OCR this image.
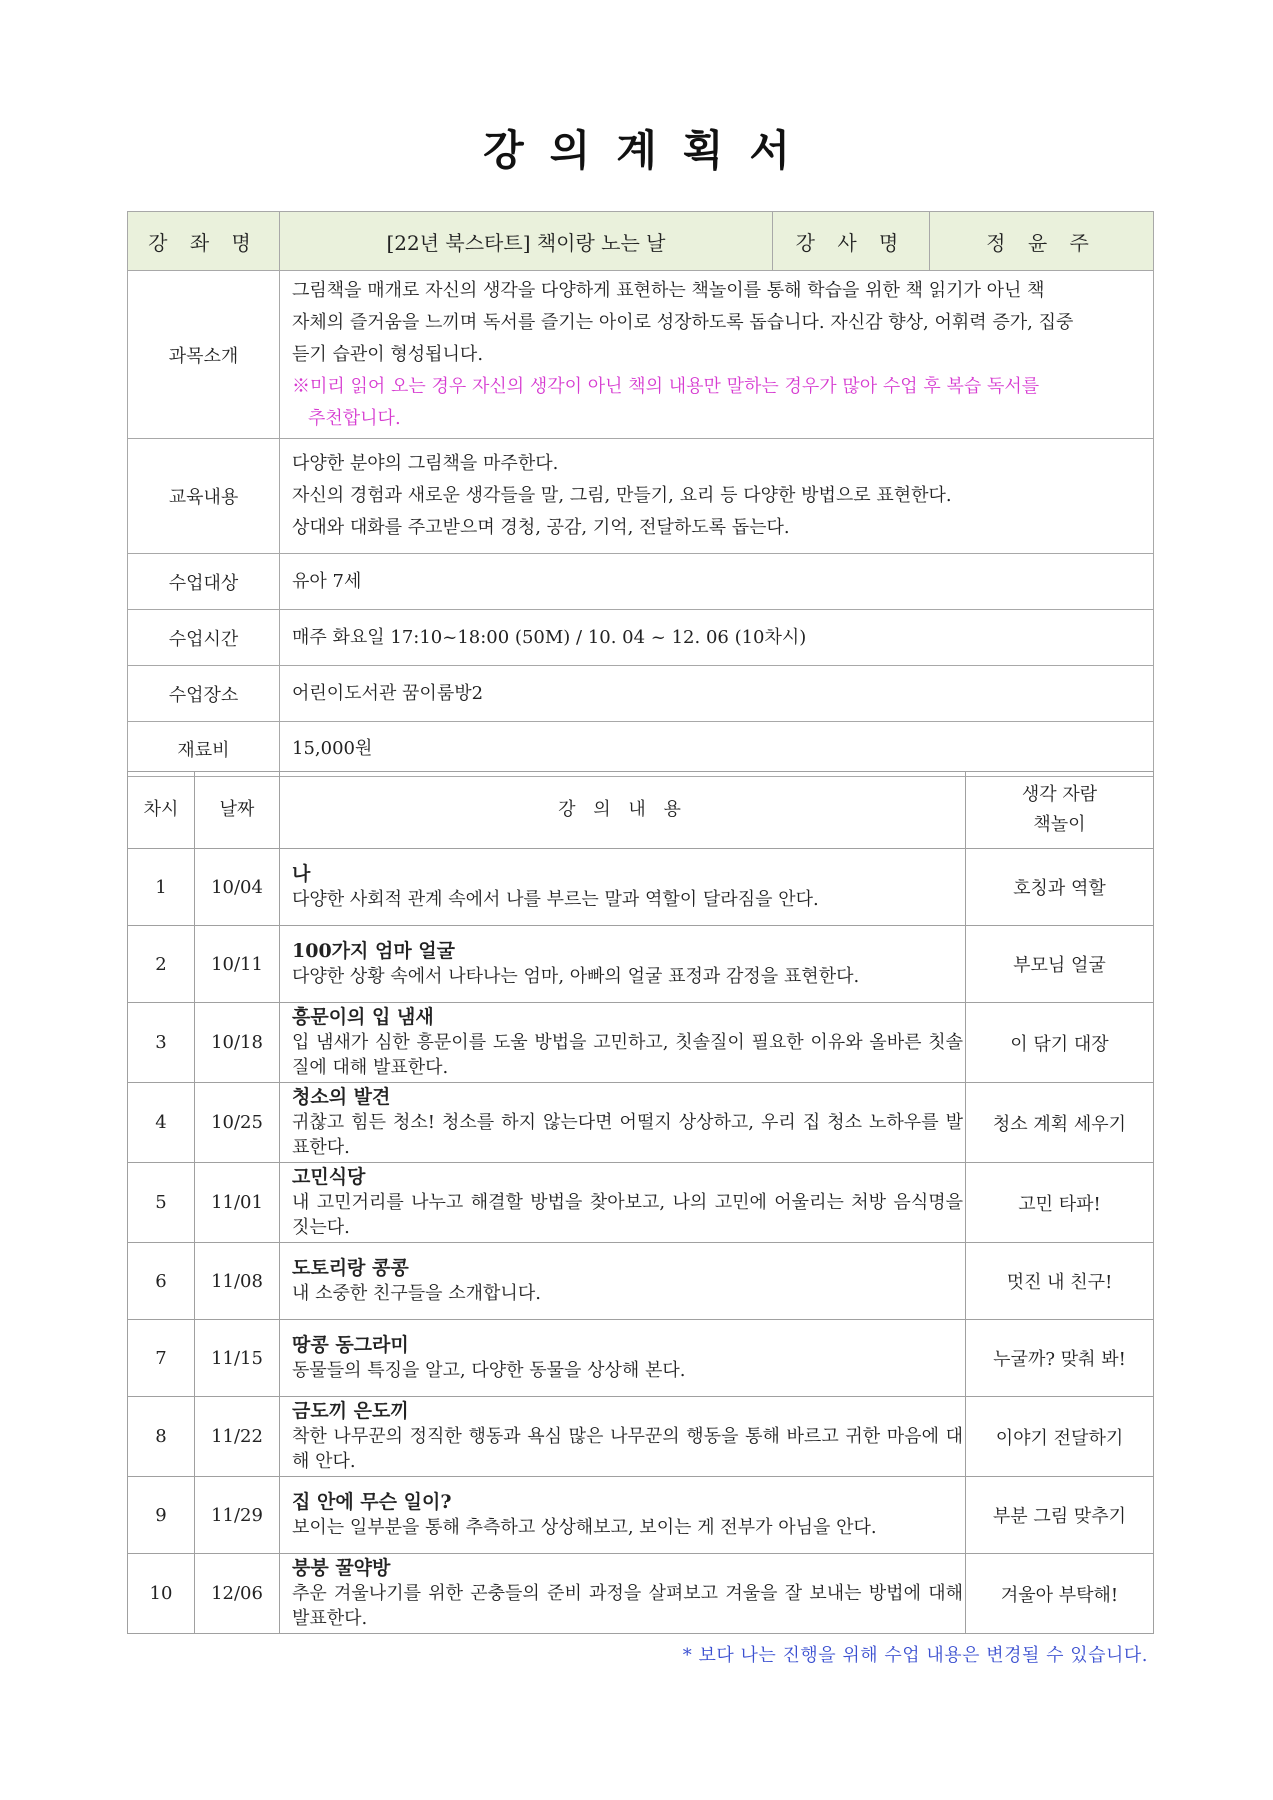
강의계획서
강 좌 명	[22년 북스타트] 책이랑 노는 날	강 사 명	정 윤 주
과목소개	그림책을 매개로 자신의 생각을 다양하게 표현하는 책놀이를 통해 학습을 위한 책 읽기가 아닌 책
자체의 즐거움을 느끼며 독서를 즐기는 아이로 성장하도록 돕습니다. 자신감 향상, 어휘력 증가, 집중
듣기 습관이 형성됩니다.
※미리 읽어 오는 경우 자신의 생각이 아닌 책의 내용만 말하는 경우가 많아 수업 후 복습 독서를
추천합니다.		

교육내용	다양한 분야의 그림책을 마주한다.
자신의 경험과 새로운 생각들을 말, 그림, 만들기, 요리 등 다양한 방법으로 표현한다.
상대와 대화를 주고받으며 경청, 공감, 기억, 전달하도록 돕는다.		

수업대상	유아 7세		
수업시간	매주 화요일 17:10~18:00 (50M) / 10. 04 ~ 12. 06 (10차시)		
수업장소	어린이도서관 꿈이룸방2		
재료비	15,000원		
차시	날짜	강 의 내 용	생각 자람
책놀이

1	10/04	나
다양한 사회적 관계 속에서 나를 부르는 말과 역할이 달라짐을 안다.	호칭과 역할
2	10/11	100가지 엄마 얼굴
다양한 상황 속에서 나타나는 엄마, 아빠의 얼굴 표정과 감정을 표현한다.	부모님 얼굴
3	10/18	흥문이의 입 냄새
입 냄새가 심한 흥문이를 도울 방법을 고민하고, 칫솔질이 필요한 이유와 올바른 칫솔질에 대해 발표한다.	이 닦기 대장
4	10/25	청소의 발견
귀찮고 힘든 청소! 청소를 하지 않는다면 어떨지 상상하고, 우리 집 청소 노하우를 발표한다.	청소 계획 세우기
5	11/01	고민식당
내 고민거리를 나누고 해결할 방법을 찾아보고, 나의 고민에 어울리는 처방 음식명을 짓는다.	고민 타파!
6	11/08	도토리랑 콩콩
내 소중한 친구들을 소개합니다.	멋진 내 친구!
7	11/15	땅콩 동그라미
동물들의 특징을 알고, 다양한 동물을 상상해 본다.	누굴까? 맞춰 봐!
8	11/22	금도끼 은도끼
착한 나무꾼의 정직한 행동과 욕심 많은 나무꾼의 행동을 통해 바르고 귀한 마음에 대해 안다.	이야기 전달하기
9	11/29	집 안에 무슨 일이?
보이는 일부분을 통해 추측하고 상상해보고, 보이는 게 전부가 아님을 안다.	부분 그림 맞추기
10	12/06	붕붕 꿀약방
추운 겨울나기를 위한 곤충들의 준비 과정을 살펴보고 겨울을 잘 보내는 방법에 대해 발표한다.	겨울아 부탁해!
* 보다 나는 진행을 위해 수업 내용은 변경될 수 있습니다.
